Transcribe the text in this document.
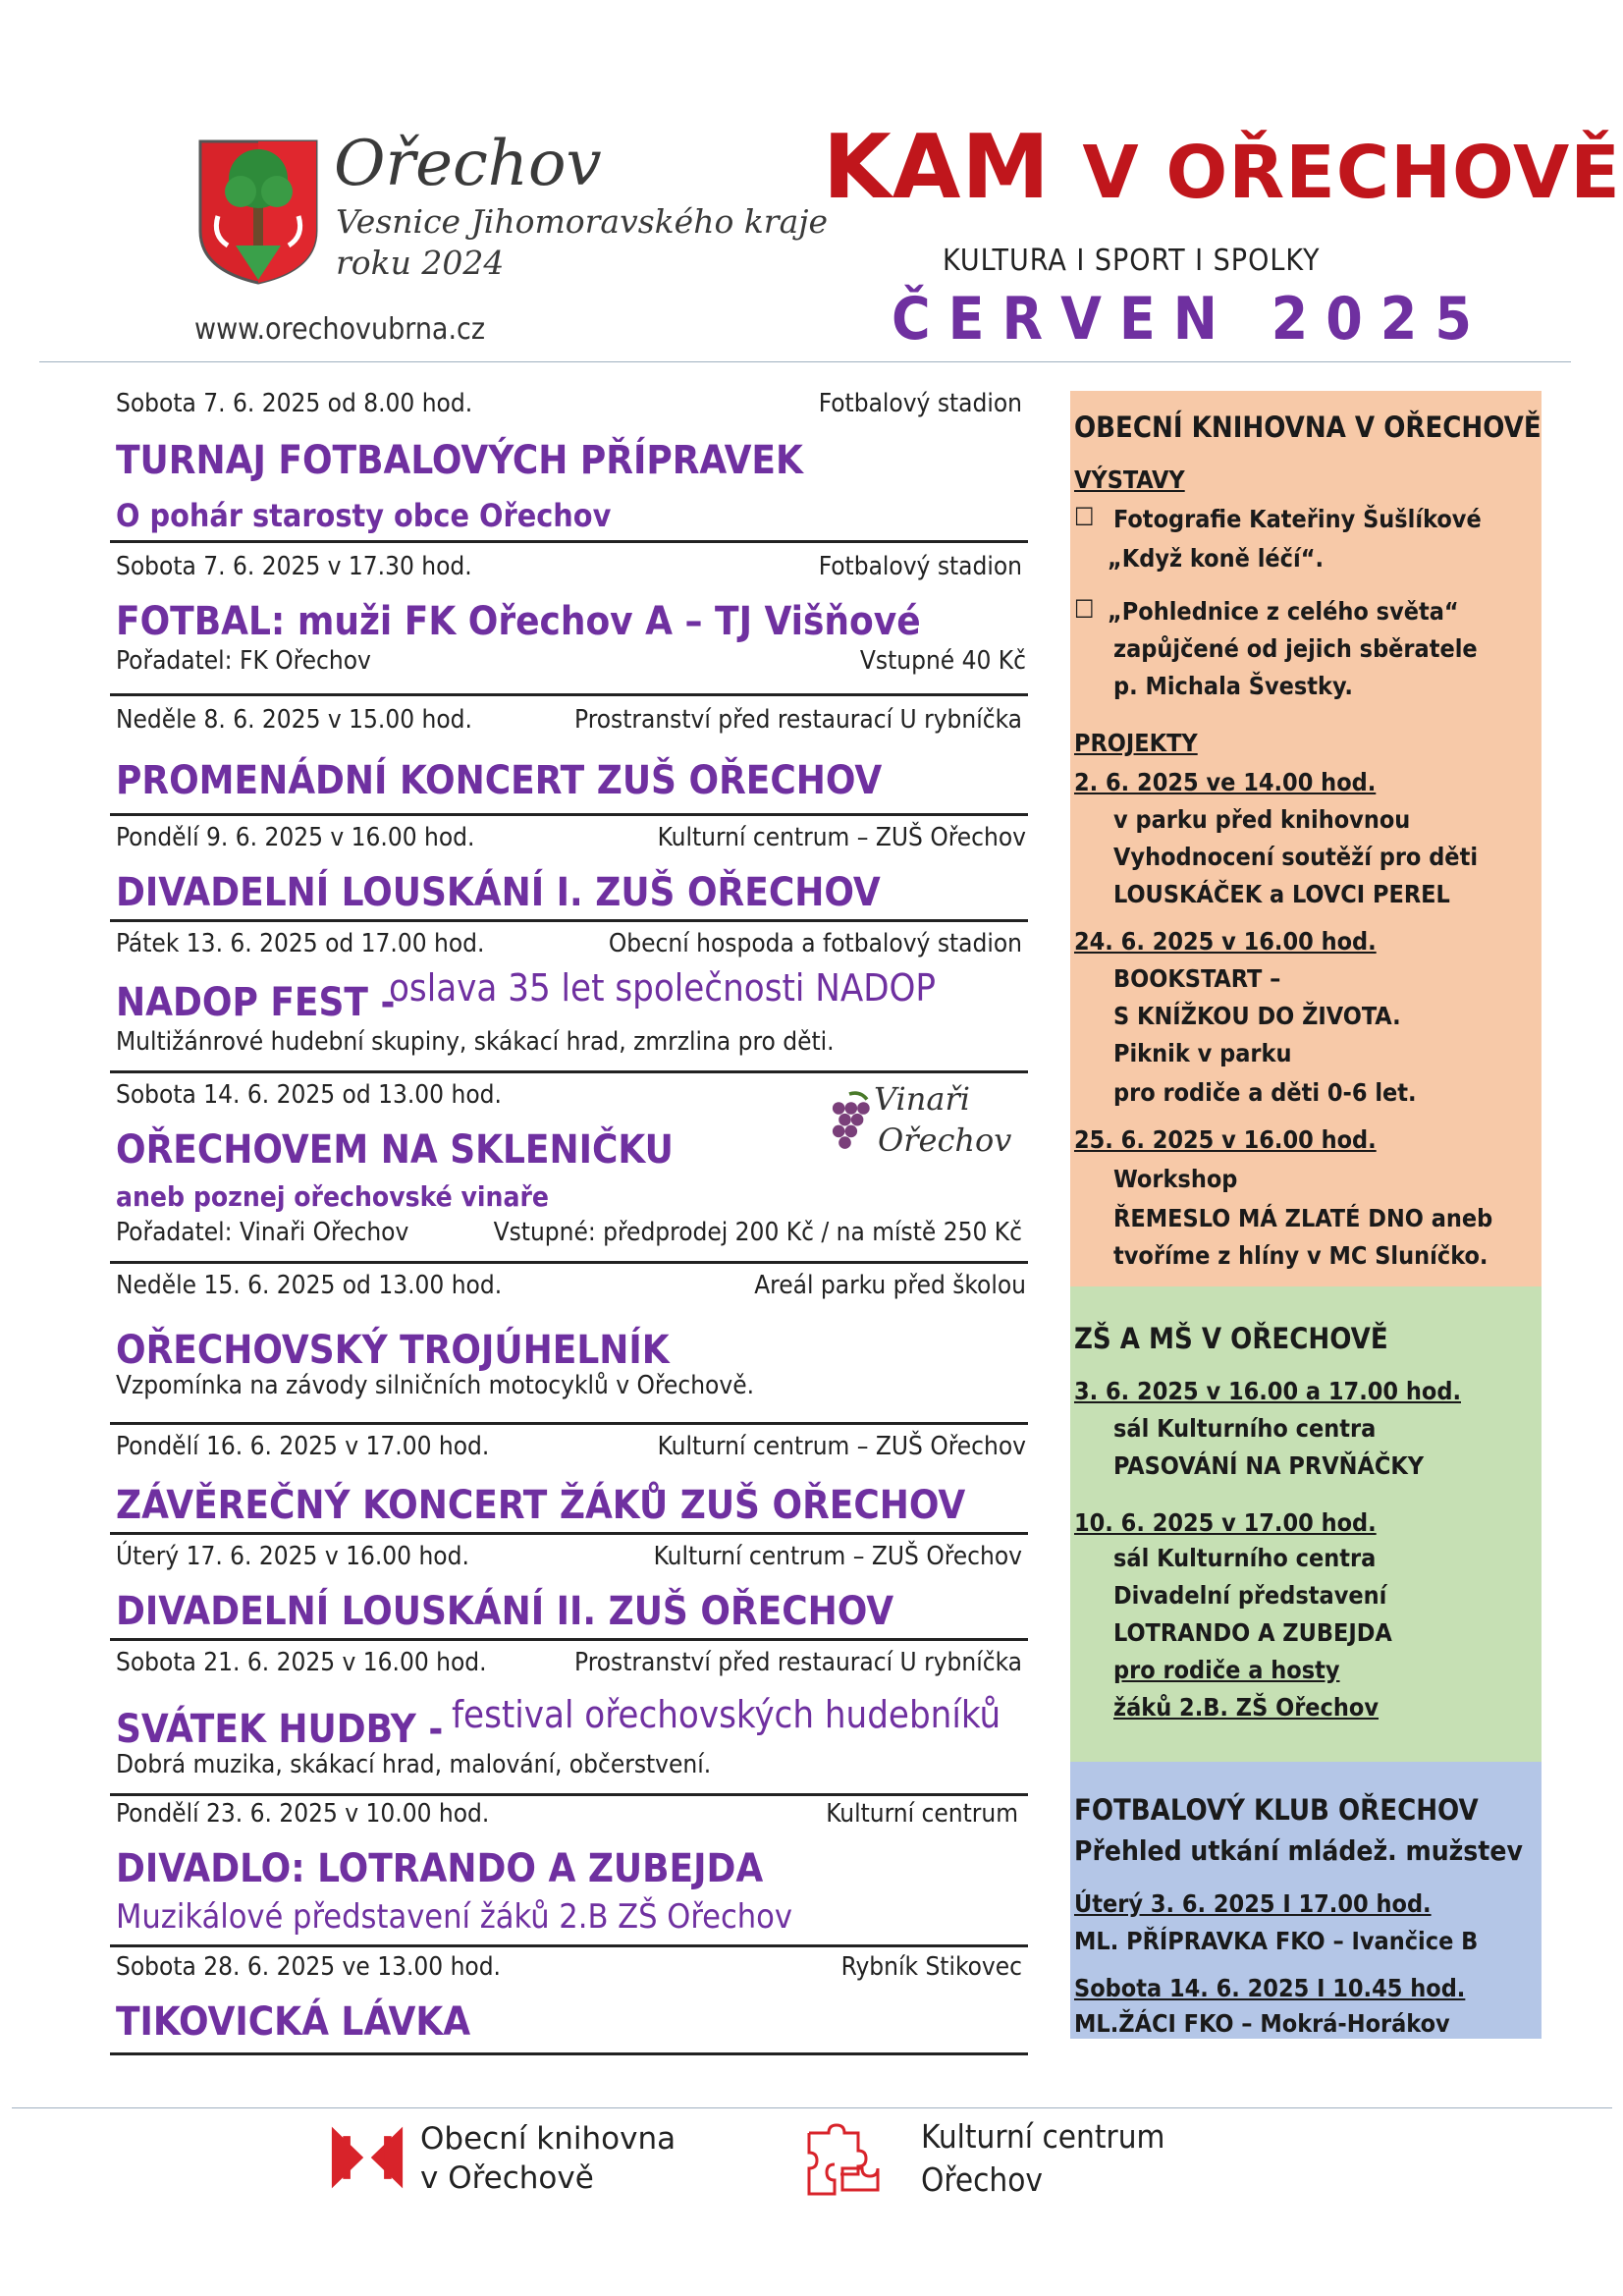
Ořechov
Vesnice Jihomoravského kraje
roku 2024
www.orechovubrna.cz
KAM V OŘECHOVĚ
KULTURA I SPORT I SPOLKY
ČERVEN 2025
Sobota 7. 6. 2025 od 8.00 hod.	Fotbalový stadion
TURNAJ FOTBALOVÝCH PŘÍPRAVEK
O pohár starosty obce Ořechov
Sobota 7. 6. 2025 v 17.30 hod.	Fotbalový stadion
FOTBAL: muži FK Ořechov A – TJ Višňové
Pořadatel: FK Ořechov	Vstupné 40 Kč
Neděle 8. 6. 2025 v 15.00 hod.	Prostranství před restaurací U rybníčka
PROMENÁDNÍ KONCERT ZUŠ OŘECHOV
Pondělí 9. 6. 2025 v 16.00 hod.	Kulturní centrum – ZUŠ Ořechov
DIVADELNÍ LOUSKÁNÍ I. ZUŠ OŘECHOV
Pátek 13. 6. 2025 od 17.00 hod.	Obecní hospoda a fotbalový stadion
NADOP FEST -
oslava 35 let společnosti NADOP
Multižánrové hudební skupiny, skákací hrad, zmrzlina pro děti.
Sobota 14. 6. 2025 od 13.00 hod.	Vinaři
Ořechov
OŘECHOVEM NA SKLENIČKU
aneb poznej ořechovské vinaře
Pořadatel: Vinaři Ořechov	Vstupné: předprodej 200 Kč / na místě 250 Kč
Neděle 15. 6. 2025 od 13.00 hod.	Areál parku před školou
OŘECHOVSKÝ TROJÚHELNÍK
Vzpomínka na závody silničních motocyklů v Ořechově.
Pondělí 16. 6. 2025 v 17.00 hod.	Kulturní centrum – ZUŠ Ořechov
ZÁVĚREČNÝ KONCERT ŽÁKŮ ZUŠ OŘECHOV
Úterý 17. 6. 2025 v 16.00 hod.	Kulturní centrum – ZUŠ Ořechov
DIVADELNÍ LOUSKÁNÍ II. ZUŠ OŘECHOV
Sobota 21. 6. 2025 v 16.00 hod.	Prostranství před restaurací U rybníčka
SVÁTEK HUDBY - festival ořechovských hudebníků
Dobrá muzika, skákací hrad, malování, občerstvení.
Pondělí 23. 6. 2025 v 10.00 hod.	Kulturní centrum
DIVADLO: LOTRANDO A ZUBEJDA
Muzikálové představení žáků 2.B ZŠ Ořechov
Sobota 28. 6. 2025 ve 13.00 hod.	Rybník Stikovec
TIKOVICKÁ LÁVKA
OBECNÍ KNIHOVNA V OŘECHOVĚ
VÝSTAVY
□ Fotografie Kateřiny Šušlíkové
„Když koně léčí“.
□ „Pohlednice z celého světa“
zapůjčené od jejich sběratele
p. Michala Švestky.
PROJEKTY
2. 6. 2025 ve 14.00 hod.
v parku před knihovnou
Vyhodnocení soutěží pro děti
LOUSKÁČEK a LOVCI PEREL
24. 6. 2025 v 16.00 hod.
BOOKSTART –
S KNÍŽKOU DO ŽIVOTA.
Piknik v parku
pro rodiče a děti 0-6 let.
25. 6. 2025 v 16.00 hod.
Workshop
ŘEMESLO MÁ ZLATÉ DNO aneb
tvoříme z hlíny v MC Sluníčko.
ZŠ A MŠ V OŘECHOVĚ
3. 6. 2025 v 16.00 a 17.00 hod.
sál Kulturního centra
PASOVÁNÍ NA PRVŇÁČKY
10. 6. 2025 v 17.00 hod.
sál Kulturního centra
Divadelní představení
LOTRANDO A ZUBEJDA
pro rodiče a hosty
žáků 2.B. ZŠ Ořechov
FOTBALOVÝ KLUB OŘECHOV
Přehled utkání mládež. mužstev
Úterý 3. 6. 2025 I 17.00 hod.
ML. PŘÍPRAVKA FKO – Ivančice B
Sobota 14. 6. 2025 I 10.45 hod.
ML.ŽÁCI FKO – Mokrá-Horákov
Obecní knihovna
v Ořechově
Kulturní centrum
Ořechov
